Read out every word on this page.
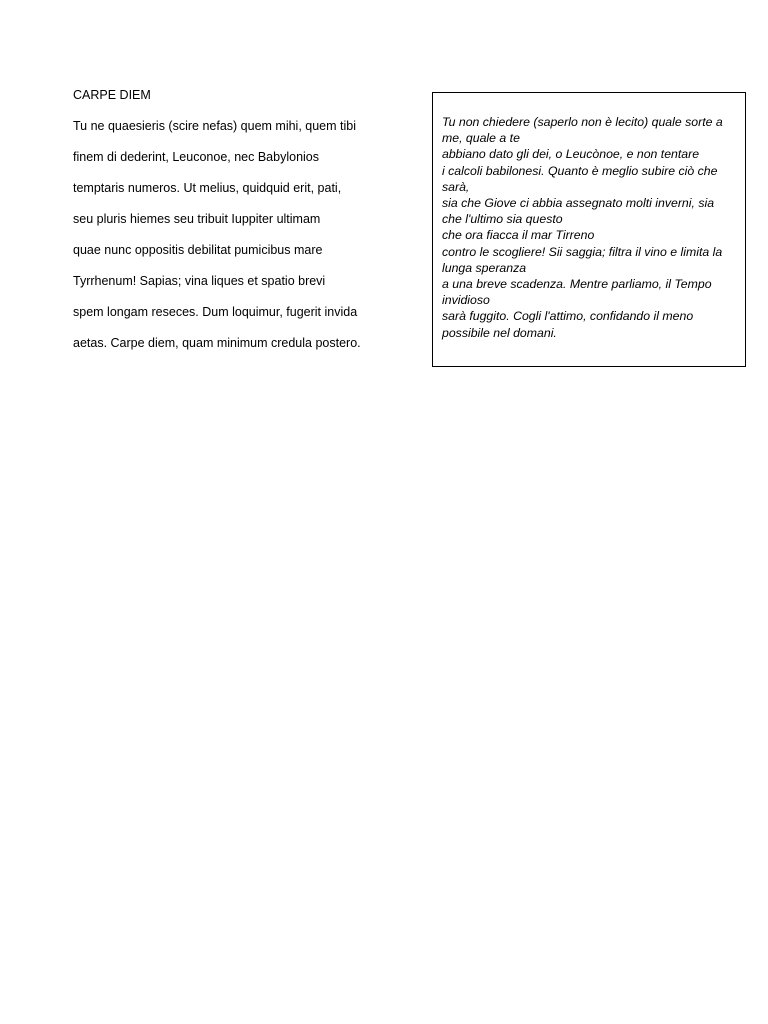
CARPE DIEM
Tu ne quaesieris (scire nefas) quem mihi, quem tibi
finem di dederint, Leuconoe, nec Babylonios
temptaris numeros. Ut melius, quidquid erit, pati,
seu pluris hiemes seu tribuit Iuppiter ultimam
quae nunc oppositis debilitat pumicibus mare
Tyrrhenum! Sapias; vina liques et spatio brevi
spem longam reseces. Dum loquimur, fugerit invida
aetas. Carpe diem, quam minimum credula postero.
Tu non chiedere (saperlo non è lecito) quale sorte a me, quale a te
abbiano dato gli dei, o Leucònoe, e non tentare
i calcoli babilonesi. Quanto è meglio subire ciò che sarà,
sia che Giove ci abbia assegnato molti inverni, sia che l'ultimo sia questo
che ora fiacca il mar Tirreno
contro le scogliere! Sii saggia; filtra il vino e limita la lunga speranza
a una breve scadenza. Mentre parliamo, il Tempo invidioso
sarà fuggito. Cogli l'attimo, confidando il meno possibile nel domani.
